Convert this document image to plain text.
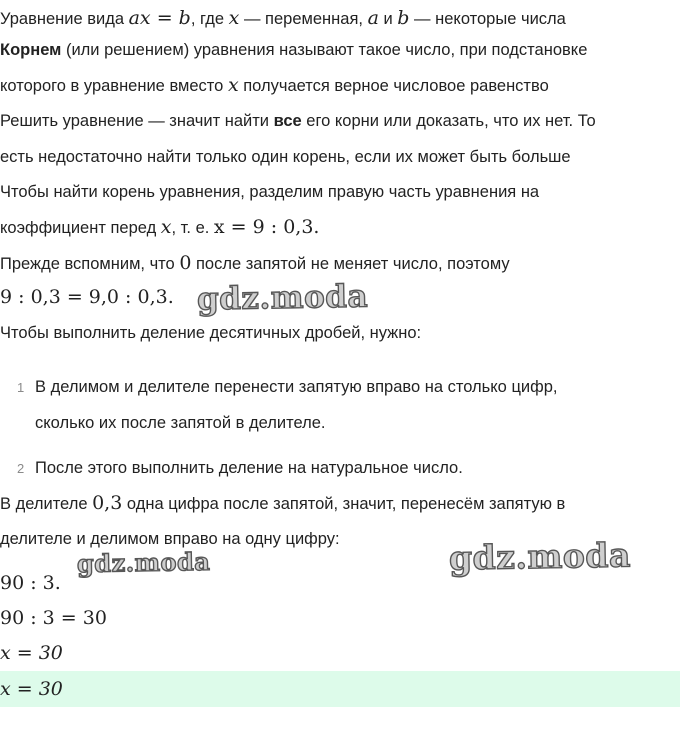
Уравнение вида ax = b, где x — переменная, a и b — некоторые числа
Корнем (или решением) уравнения называют такое число, при подстановке
которого в уравнение вместо x получается верное числовое равенство
Решить уравнение — значит найти все его корни или доказать, что их нет. То
есть недостаточно найти только один корень, если их может быть больше
Чтобы найти корень уравнения, разделим правую часть уравнения на
коэффициент перед x, т. е. x = 9 : 0,3.
Прежде вспомним, что 0 после запятой не меняет число, поэтому
9 : 0,3 = 9,0 : 0,3.
Чтобы выполнить деление десятичных дробей, нужно:
1 В делимом и делителе перенести запятую вправо на столько цифр,
сколько их после запятой в делителе.
2 После этого выполнить деление на натуральное число.
В делителе 0,3 одна цифра после запятой, значит, перенесём запятую в
делителе и делимом вправо на одну цифру:
90 : 3.
90 : 3 = 30
x = 30
x = 30
gdz.moda
gdz.moda	gdz.moda
